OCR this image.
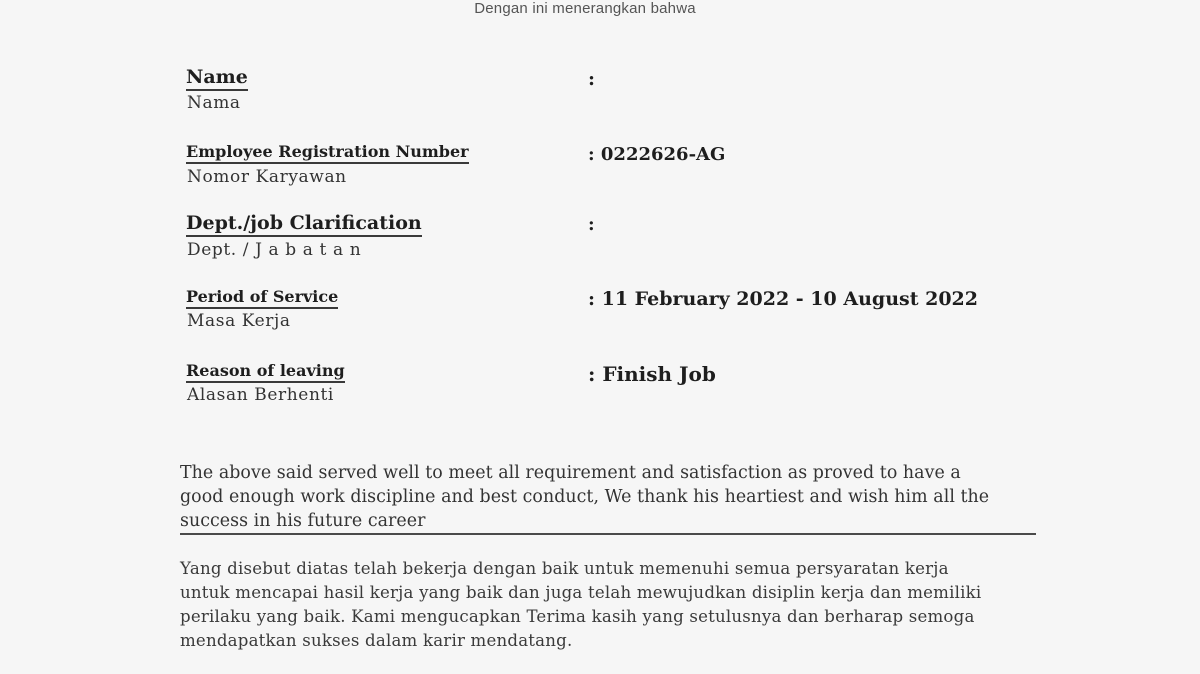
Dengan ini menerangkan bahwa
Name
Nama
:
Employee Registration Number
Nomor Karyawan
: 0222626-AG
Dept./job Clarification
Dept. / J a b a t a n
:
Period of Service
Masa Kerja
: 11 February 2022 - 10 August 2022
Reason of leaving
Alasan Berhenti
: Finish Job
The above said served well to meet all requirement and satisfaction as proved to have a
good enough work discipline and best conduct, We thank his heartiest and wish him all the
success in his future career
Yang disebut diatas telah bekerja dengan baik untuk memenuhi semua persyaratan kerja
untuk mencapai hasil kerja yang baik dan juga telah mewujudkan disiplin kerja dan memiliki
perilaku yang baik. Kami mengucapkan Terima kasih yang setulusnya dan berharap semoga
mendapatkan sukses dalam karir mendatang.
